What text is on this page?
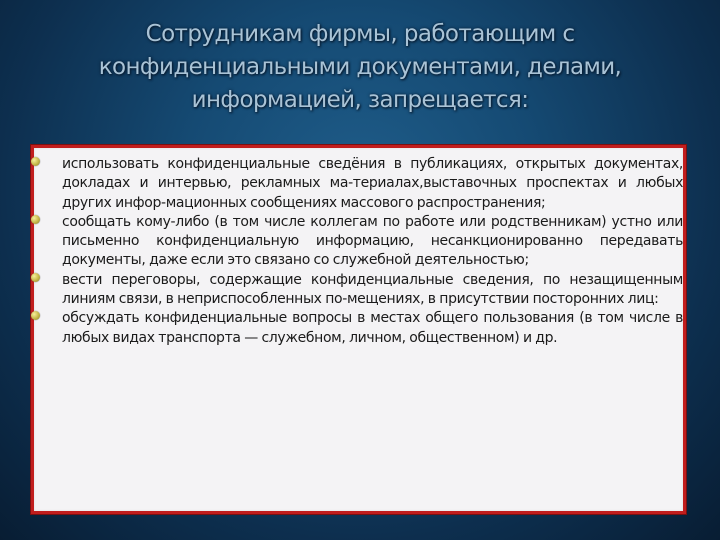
Сотрудникам фирмы, работающим с
конфиденциальными документами, делами,
информацией, запрещается:
использовать конфиденциальные сведёния в публикациях, открытых документах, докладах и интервью, рекламных ма-териалах,выставочных проспектах и любых других инфор-мационных сообщениях массового распространения;
сообщать кому-либо (в том числе коллегам по работе или родственникам) устно или письменно конфиденциальную информацию, несанкционированно передавать документы, даже если это связано со служебной деятельностью;
вести переговоры, содержащие конфиденциальные сведения, по незащищенным линиям связи, в неприспособленных по-мещениях, в присутствии посторонних лиц:
обсуждать конфиденциальные вопросы в местах общего пользования (в том числе в любых видах транспорта — служебном, личном, общественном) и др.
